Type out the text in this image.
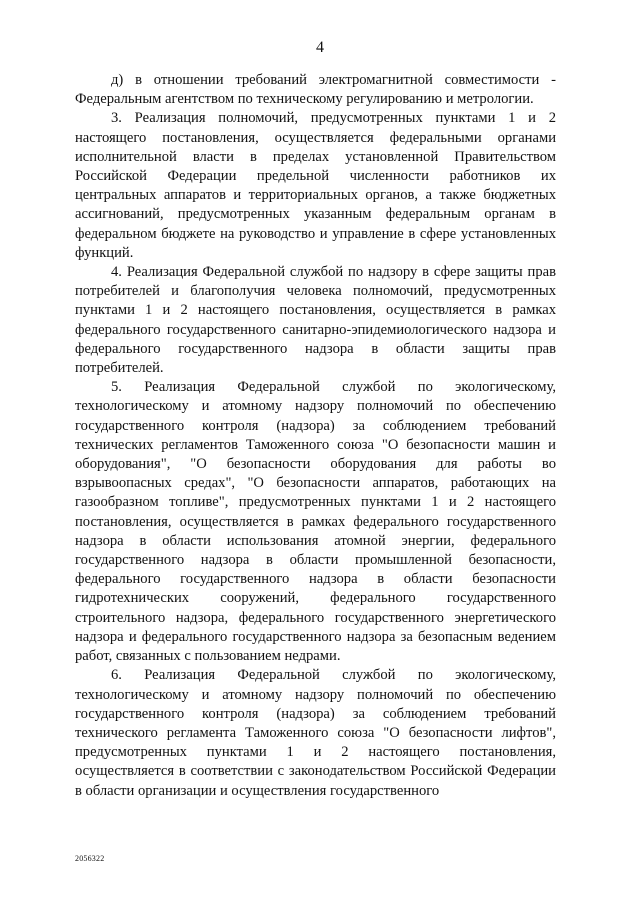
4

д) в отношении требований электромагнитной совместимости - Федеральным агентством по техническому регулированию и метрологии.

3. Реализация полномочий, предусмотренных пунктами 1 и 2 настоящего постановления, осуществляется федеральными органами исполнительной власти в пределах установленной Правительством Российской Федерации предельной численности работников их центральных аппаратов и территориальных органов, а также бюджетных ассигнований, предусмотренных указанным федеральным органам в федеральном бюджете на руководство и управление в сфере установленных функций.

4. Реализация Федеральной службой по надзору в сфере защиты прав потребителей и благополучия человека полномочий, предусмотренных пунктами 1 и 2 настоящего постановления, осуществляется в рамках федерального государственного санитарно-эпидемиологического надзора и федерального государственного надзора в области защиты прав потребителей.

5. Реализация Федеральной службой по экологическому, технологическому и атомному надзору полномочий по обеспечению государственного контроля (надзора) за соблюдением требований технических регламентов Таможенного союза "О безопасности машин и оборудования", "О безопасности оборудования для работы во взрывоопасных средах", "О безопасности аппаратов, работающих на газообразном топливе", предусмотренных пунктами 1 и 2 настоящего постановления, осуществляется в рамках федерального государственного надзора в области использования атомной энергии, федерального государственного надзора в области промышленной безопасности, федерального государственного надзора в области безопасности гидротехнических сооружений, федерального государственного строительного надзора, федерального государственного энергетического надзора и федерального государственного надзора за безопасным ведением работ, связанных с пользованием недрами.

6. Реализация Федеральной службой по экологическому, технологическому и атомному надзору полномочий по обеспечению государственного контроля (надзора) за соблюдением требований технического регламента Таможенного союза "О безопасности лифтов", предусмотренных пунктами 1 и 2 настоящего постановления, осуществляется в соответствии с законодательством Российской Федерации в области организации и осуществления государственного

2056322
